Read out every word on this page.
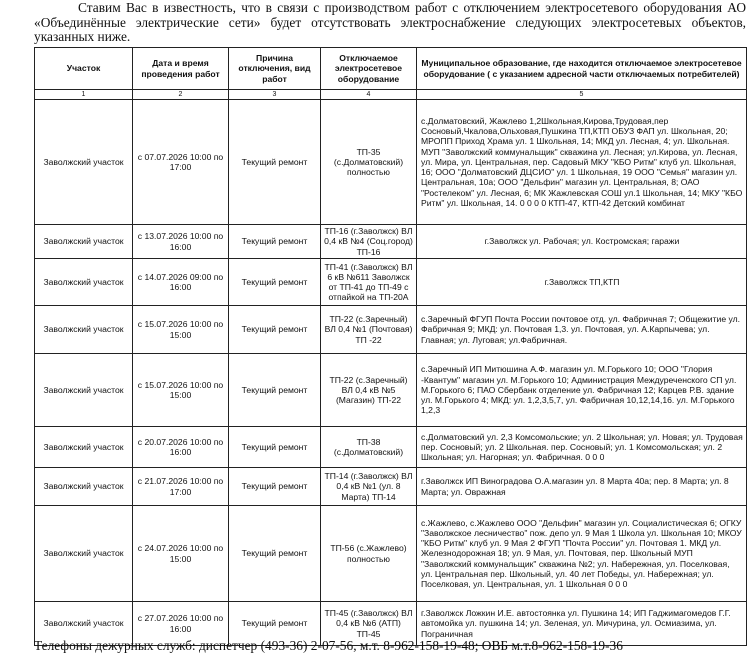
Ставим Вас в известность, что в связи с производством работ с отключением электросетевого оборудования АО «Объединённые электрические сети» будет отсутствовать электроснабжение следующих электросетевых объектов, указанных ниже.

Участок	Дата и время проведения работ	Причина отключения, вид работ	Отключаемое электросетевое оборудование	Муниципальное образование, где находится отключаемое электросетевое оборудование ( с указанием адресной части отключаемых потребителей)
1	2	3	4	5
Заволжский участок	с 07.07.2026 10:00 по 17:00	Текущий ремонт	ТП-35 (с.Долматовский) полностью	с.Долматовский, Жажлево 1,2Школьная,Кирова,Трудовая,пер Сосновый,Чкалова,Ольховая,Пушкина ТП,КТП ОБУЗ ФАП ул. Школьная, 20; МРОПП Приход Храма ул. 1 Школьная, 14; МКД ул. Лесная, 4; ул. Школьная. МУП "Заволжский коммунальщик" скважина ул. Лесная; ул.Кирова, ул. Лесная, ул. Мира, ул. Центральная, пер. Садовый МКУ "КБО Ритм" клуб ул. Школьная, 16; ООО "Долматовский ДЦСИО" ул. 1 Школьная, 19 ООО "Семья" магазин ул. Центральная, 10а; ООО "Дельфин" магазин ул. Центральная, 8; ОАО "Ростелеком" ул. Лесная, 6; МК Жажлевская СОШ ул.1 Школьная, 14; МКУ "КБО Ритм" ул. Школьная, 14. 0 0 0 0 КТП-47, КТП-42 Детский комбинат
Заволжский участок	с 13.07.2026 10:00 по 16:00	Текущий ремонт	ТП-16 (г.Заволжск) ВЛ 0,4 кВ №4 (Соц.город) ТП-16	г.Заволжск ул. Рабочая; ул. Костромская; гаражи
Заволжский участок	с 14.07.2026 09:00 по 16:00	Текущий ремонт	ТП-41 (г.Заволжск) ВЛ 6 кВ №611 Заволжск от ТП-41 до ТП-49 с отпайкой на ТП-20А	г.Заволжск ТП,КТП
Заволжский участок	с 15.07.2026 10:00 по 15:00	Текущий ремонт	ТП-22 (с.Заречный) ВЛ 0,4 №1 (Почтовая) ТП -22	с.Заречный ФГУП Почта России почтовое отд. ул. Фабричная 7; Общежитие ул. Фабричная 9; МКД: ул. Почтовая 1,3. ул. Почтовая, ул. А.Карпычева; ул. Главная; ул. Луговая; ул.Фабричная.
Заволжский участок	с 15.07.2026 10:00 по 15:00	Текущий ремонт	ТП-22 (с.Заречный) ВЛ 0,4 кВ №5 (Магазин) ТП-22	с.Заречный ИП Митюшина А.Ф. магазин ул. М.Горького 10; ООО "Глория -Квантум" магазин ул. М.Горького 10; Администрация Междуреченского СП ул. М.Горького 6; ПАО Сбербанк отделение ул. Фабричная 12; Карцев Р.В. здание ул. М.Горького 4; МКД: ул. 1,2,3,5,7, ул. Фабричная 10,12,14,16. ул. М.Горького 1,2,3
Заволжский участок	с 20.07.2026 10:00 по 16:00	Текущий ремонт	ТП-38 (с.Долматовский)	с.Долматовский ул. 2,3 Комсомольские; ул. 2 Школьная; ул. Новая; ул. Трудовая пер. Сосновый; ул. 2 Школьная. пер. Сосновый; ул. 1 Комсомольская; ул. 2 Школьная; ул. Нагорная; ул. Фабричная. 0 0 0
Заволжский участок	с 21.07.2026 10:00 по 17:00	Текущий ремонт	ТП-14 (г.Заволжск) ВЛ 0,4 кВ №1 (ул. 8 Марта) ТП-14	г.Заволжск ИП Виноградова О.А.магазин ул. 8 Марта 40а; пер. 8 Марта; ул. 8 Марта; ул. Овражная
Заволжский участок	с 24.07.2026 10:00 по 15:00	Текущий ремонт	ТП-56 (с.Жажлево) полностью	с.Жажлево, с.Жажлево ООО "Дельфин" магазин ул. Социалистическая 6; ОГКУ "Заволжское лесничество" пож. депо ул. 9 Мая 1 Школа ул. Школьная 10; МКОУ "КБО Ритм" клуб ул. 9 Мая 2 ФГУП "Почта России" ул. Почтовая 1. МКД ул. Железнодорожная 18; ул. 9 Мая, ул. Почтовая, пер. Школьный МУП "Заволжский коммунальщик" скважина №2; ул. Набережная, ул. Поселковая, ул. Центральная пер. Школьный, ул. 40 лет Победы, ул. Набережная; ул. Поселковая, ул. Центральная, ул. 1 Школьная 0 0 0
Заволжский участок	с 27.07.2026 10:00 по 16:00	Текущий ремонт	ТП-45 (г.Заволжск) ВЛ 0,4 кВ №6 (АТП) ТП-45	г.Заволжск Ложкин И.Е. автостоянка ул. Пушкина 14; ИП Гаджимагомедов Г.Г. автомойка ул. пушкина 14; ул. Зеленая, ул. Мичурина, ул. Осмиазима, ул. Пограничная

Телефоны дежурных служб: диспетчер (493-36) 2-07-56, м.т. 8-962-158-19-48; ОВБ м.т.8-962-158-19-36
